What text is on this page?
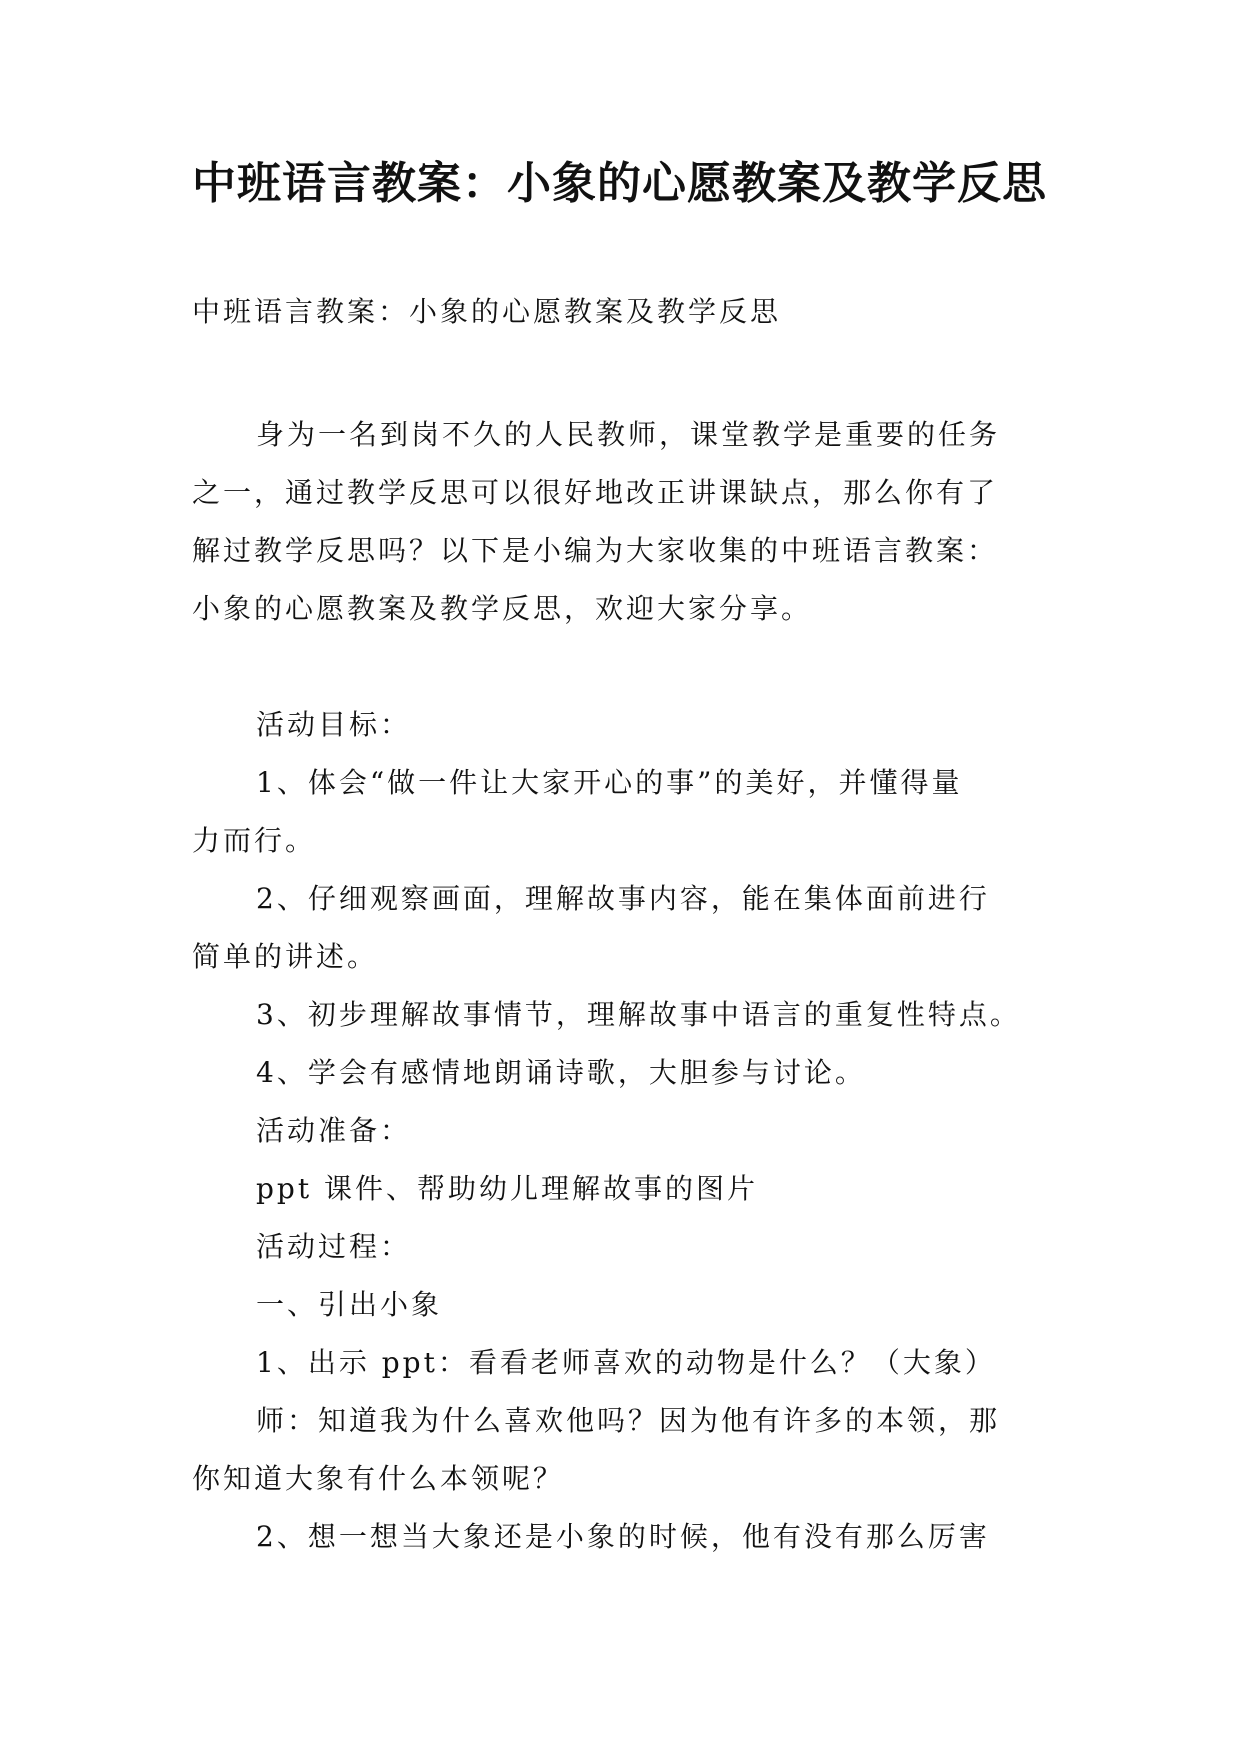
中班语言教案：小象的心愿教案及教学反思
中班语言教案：小象的心愿教案及教学反思
身为一名到岗不久的人民教师，课堂教学是重要的任务
之一，通过教学反思可以很好地改正讲课缺点，那么你有了
解过教学反思吗？以下是小编为大家收集的中班语言教案：
小象的心愿教案及教学反思，欢迎大家分享。
活动目标：
1、体会“做一件让大家开心的事”的美好，并懂得量
力而行。
2、仔细观察画面，理解故事内容，能在集体面前进行
简单的讲述。
3、初步理解故事情节，理解故事中语言的重复性特点。
4、学会有感情地朗诵诗歌，大胆参与讨论。
活动准备：
ppt 课件、帮助幼儿理解故事的图片
活动过程：
一、引出小象
1、出示 ppt：看看老师喜欢的动物是什么？（大象）
师：知道我为什么喜欢他吗？因为他有许多的本领，那
你知道大象有什么本领呢？
2、想一想当大象还是小象的时候，他有没有那么厉害
